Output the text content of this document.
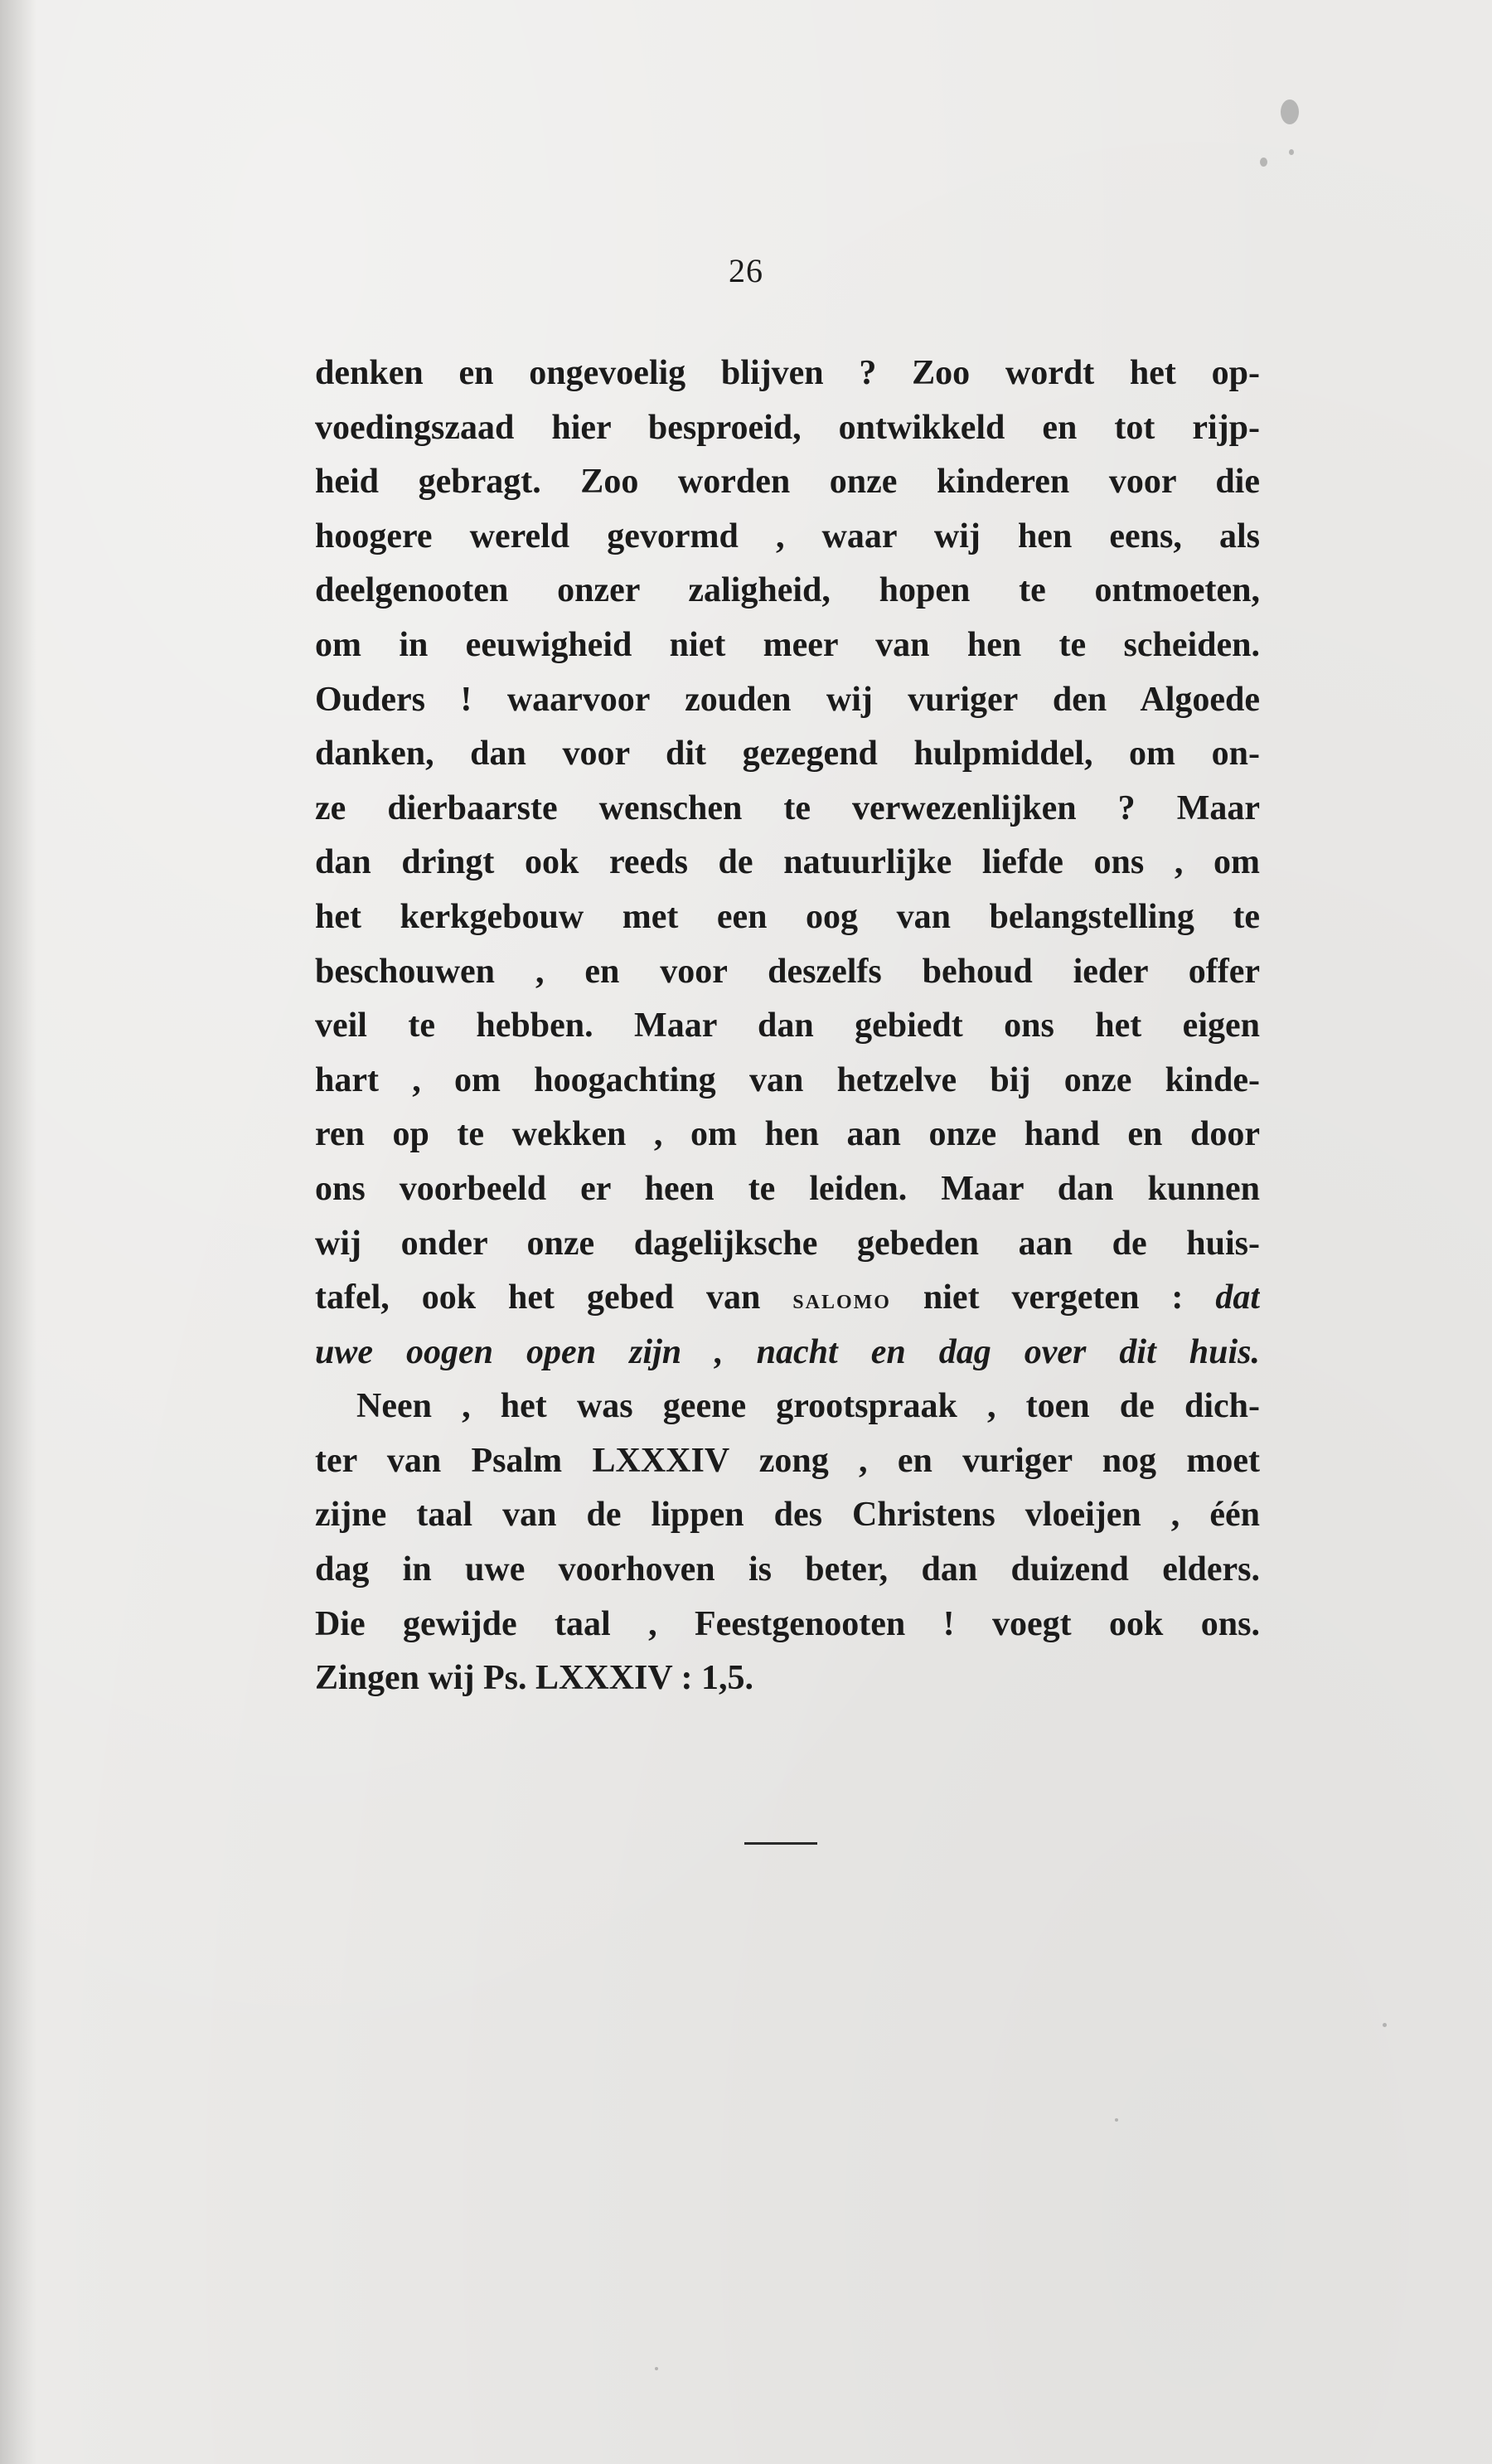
26
denken en ongevoelig blijven ? Zoo wordt het op-
voedingszaad hier besproeid, ontwikkeld en tot rijp-
heid gebragt. Zoo worden onze kinderen voor die
hoogere wereld gevormd , waar wij hen eens, als
deelgenooten onzer zaligheid, hopen te ontmoeten,
om in eeuwigheid niet meer van hen te scheiden.
Ouders ! waarvoor zouden wij vuriger den Algoede
danken, dan voor dit gezegend hulpmiddel, om on-
ze dierbaarste wenschen te verwezenlijken ? Maar
dan dringt ook reeds de natuurlijke liefde ons , om
het kerkgebouw met een oog van belangstelling te
beschouwen , en voor deszelfs behoud ieder offer
veil te hebben. Maar dan gebiedt ons het eigen
hart , om hoogachting van hetzelve bij onze kinde-
ren op te wekken , om hen aan onze hand en door
ons voorbeeld er heen te leiden. Maar dan kunnen
wij onder onze dagelijksche gebeden aan de huis-
tafel, ook het gebed van salomo niet vergeten : dat
uwe oogen open zijn , nacht en dag over dit huis.
Neen , het was geene grootspraak , toen de dich-
ter van Psalm LXXXIV zong , en vuriger nog moet
zijne taal van de lippen des Christens vloeijen , één
dag in uwe voorhoven is beter, dan duizend elders.
Die gewijde taal , Feestgenooten ! voegt ook ons.
Zingen wij Ps. LXXXIV : 1,5.
